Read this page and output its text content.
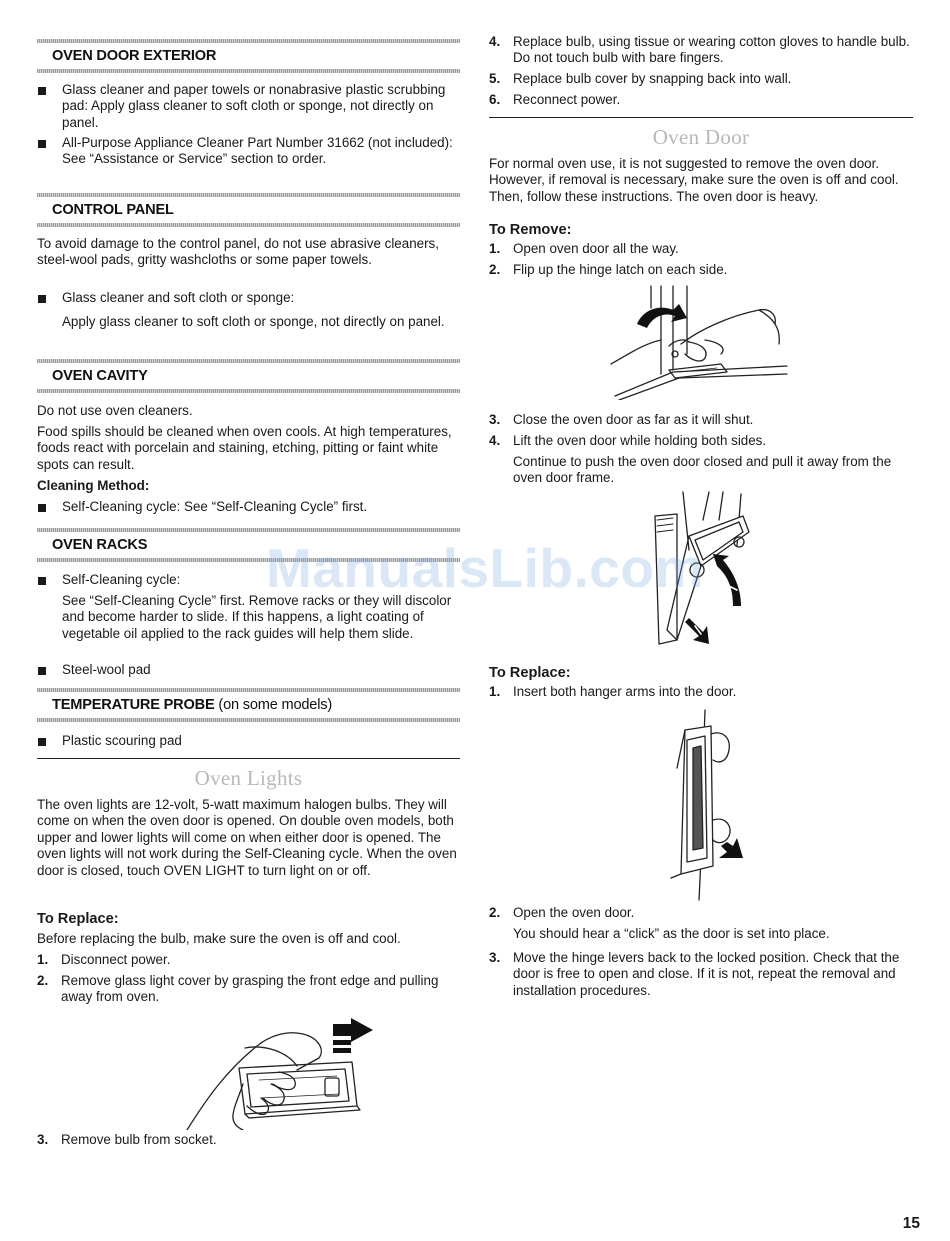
OVEN DOOR EXTERIOR
Glass cleaner and paper towels or nonabrasive plastic scrubbing pad: Apply glass cleaner to soft cloth or sponge, not directly on panel.
All-Purpose Appliance Cleaner Part Number 31662 (not included):
See “Assistance or Service” section to order.
CONTROL PANEL
To avoid damage to the control panel, do not use abrasive cleaners, steel-wool pads, gritty washcloths or some paper towels.
Glass cleaner and soft cloth or sponge:
Apply glass cleaner to soft cloth or sponge, not directly on panel.
OVEN CAVITY
Do not use oven cleaners.
Food spills should be cleaned when oven cools. At high temperatures, foods react with porcelain and staining, etching, pitting or faint white spots can result.
Cleaning Method:
Self-Cleaning cycle: See “Self-Cleaning Cycle” first.
OVEN RACKS
Self-Cleaning cycle:
See “Self-Cleaning Cycle” first. Remove racks or they will discolor and become harder to slide. If this happens, a light coating of vegetable oil applied to the rack guides will help them slide.
Steel-wool pad
TEMPERATURE PROBE (on some models)
Plastic scouring pad
Oven Lights
The oven lights are 12-volt, 5-watt maximum halogen bulbs. They will come on when the oven door is opened. On double oven models, both upper and lower lights will come on when either door is opened. The oven lights will not work during the Self-Cleaning cycle. When the oven door is closed, touch OVEN LIGHT to turn light on or off.
To Replace:
Before replacing the bulb, make sure the oven is off and cool.
1. Disconnect power.
2. Remove glass light cover by grasping the front edge and pulling away from oven.
3. Remove bulb from socket.
4. Replace bulb, using tissue or wearing cotton gloves to handle bulb. Do not touch bulb with bare fingers.
5. Replace bulb cover by snapping back into wall.
6. Reconnect power.
Oven Door
For normal oven use, it is not suggested to remove the oven door. However, if removal is necessary, make sure the oven is off and cool. Then, follow these instructions. The oven door is heavy.
To Remove:
1. Open oven door all the way.
2. Flip up the hinge latch on each side.
3. Close the oven door as far as it will shut.
4. Lift the oven door while holding both sides.
Continue to push the oven door closed and pull it away from the oven door frame.
To Replace:
1. Insert both hanger arms into the door.
2. Open the oven door.
You should hear a “click” as the door is set into place.
3. Move the hinge levers back to the locked position. Check that the door is free to open and close. If it is not, repeat the removal and installation procedures.
ManualsLib.com
15
